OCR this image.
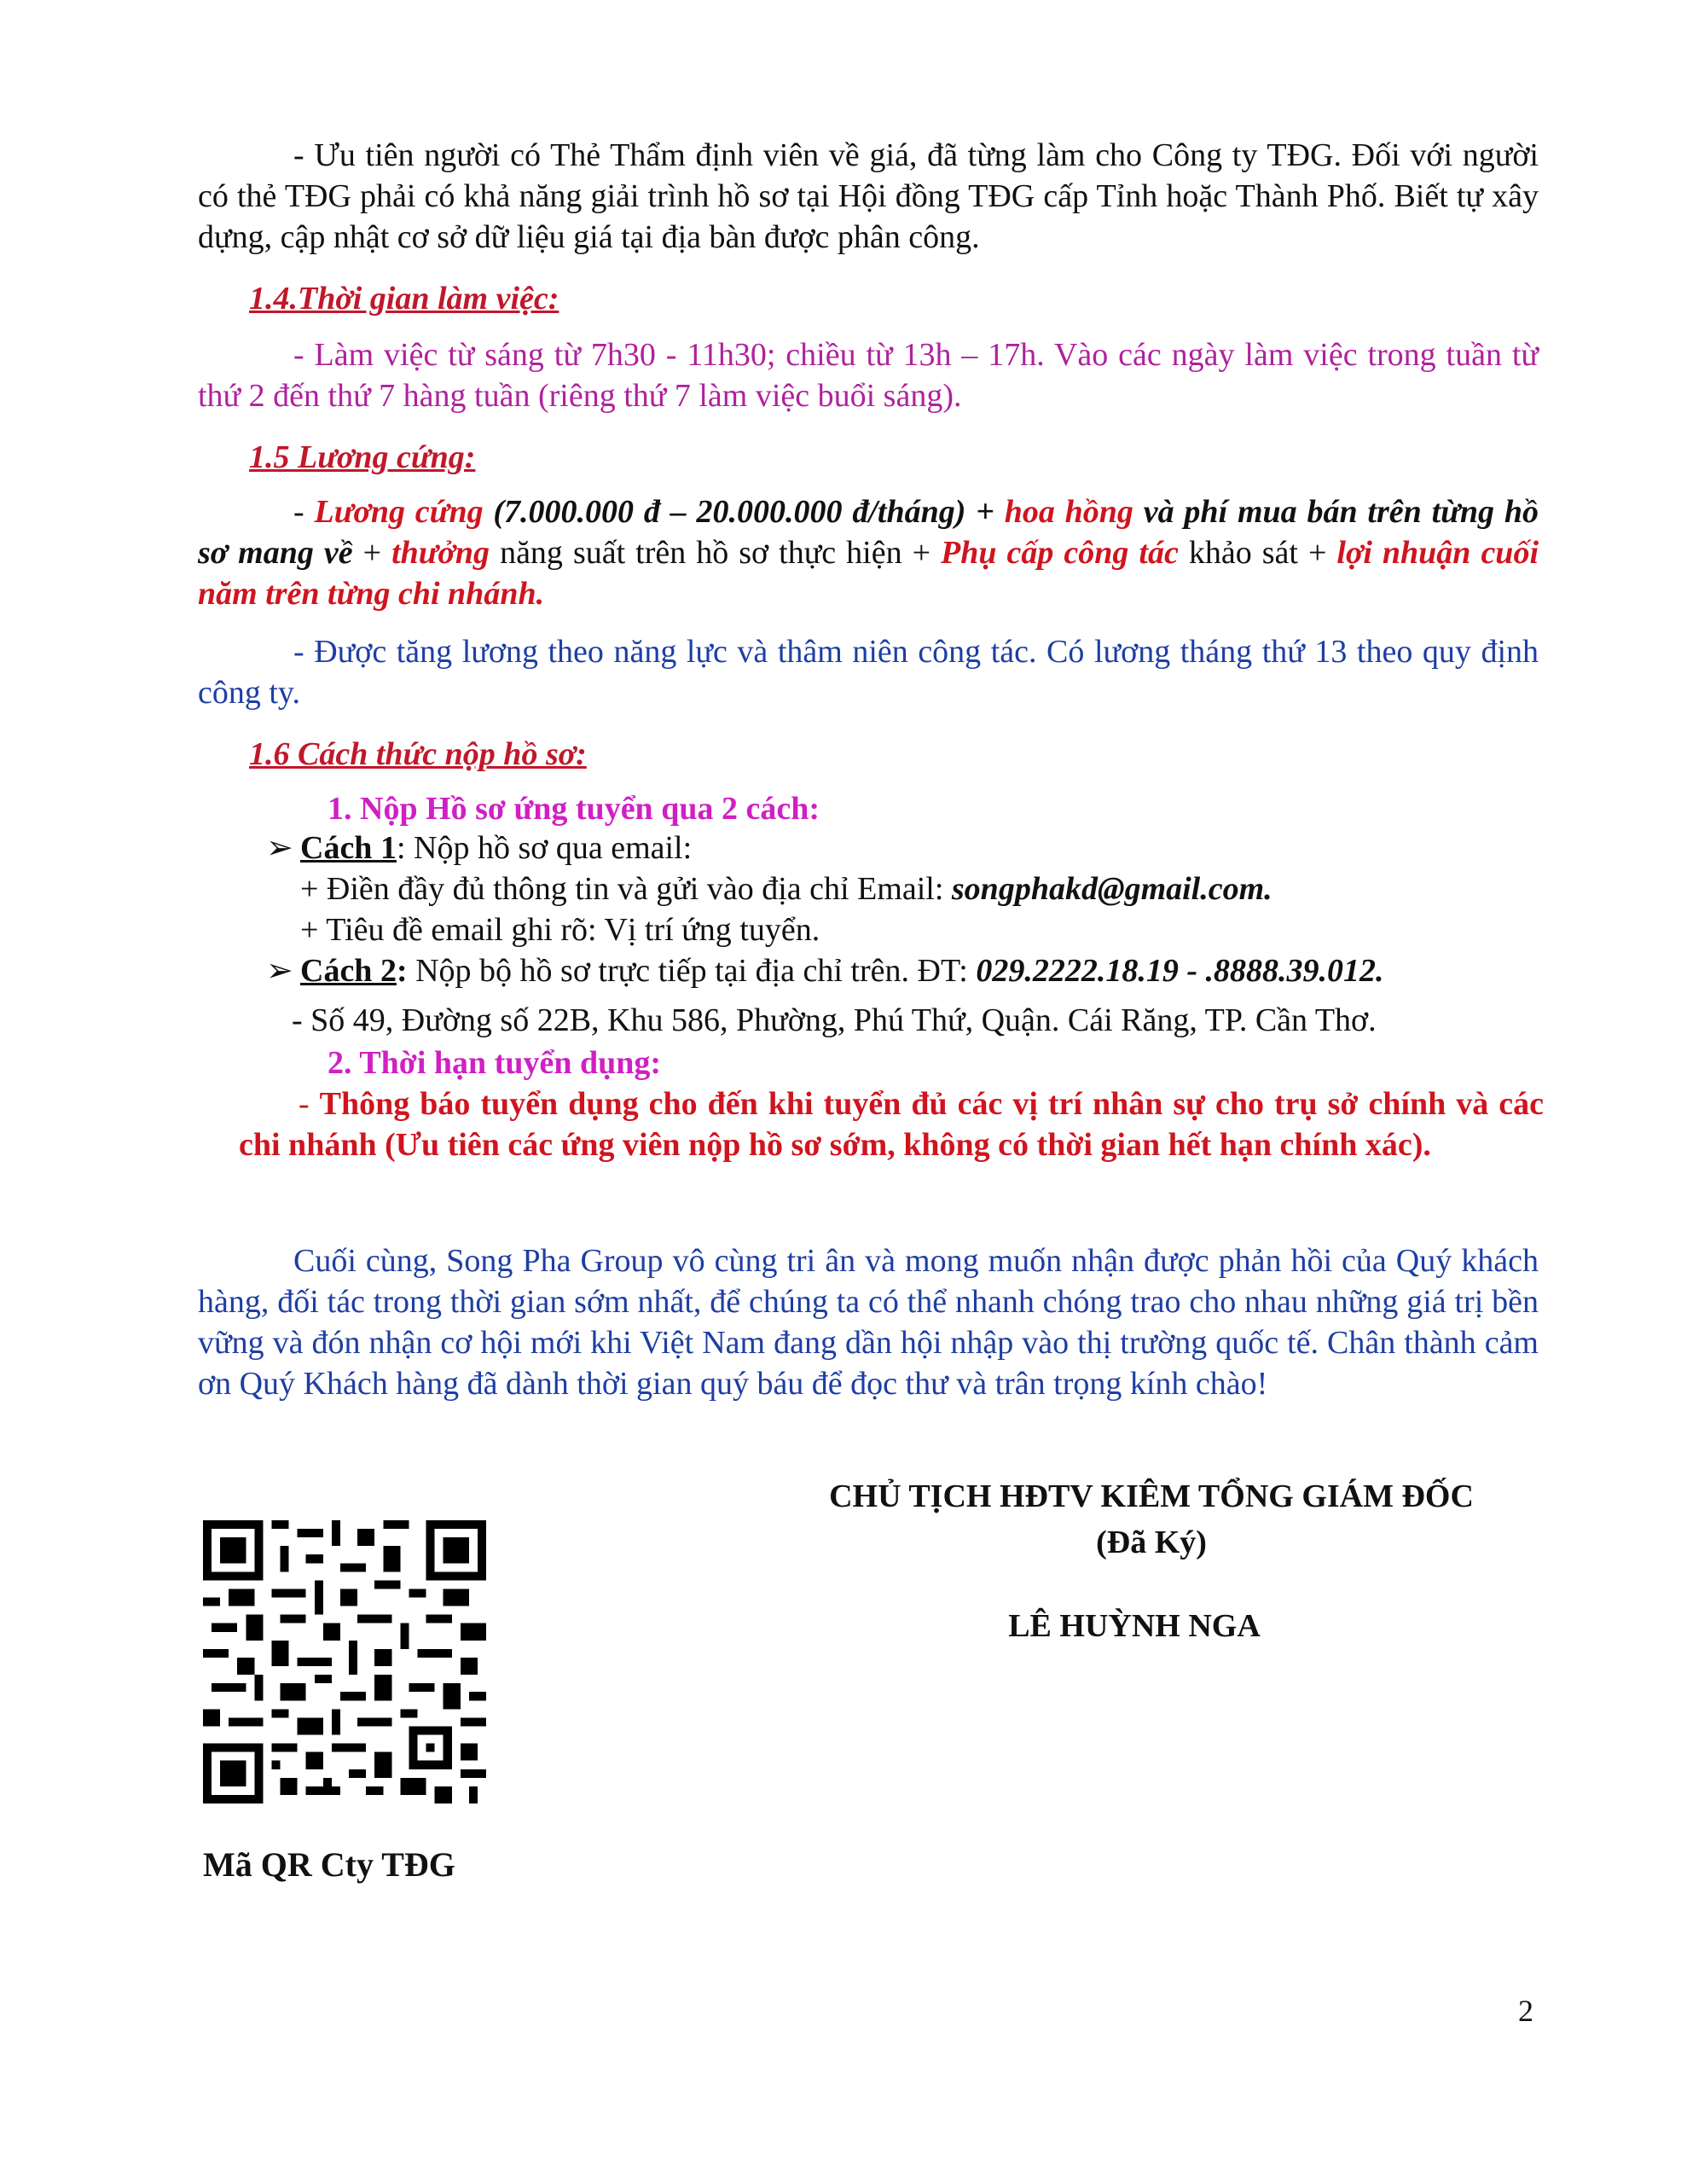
- Ưu tiên người có Thẻ Thẩm định viên về giá, đã từng làm cho Công ty TĐG. Đối với người có thẻ TĐG phải có khả năng giải trình hồ sơ tại Hội đồng TĐG cấp Tỉnh hoặc Thành Phố. Biết tự xây dựng, cập nhật cơ sở dữ liệu giá tại địa bàn được phân công.

1.4.Thời gian làm việc:

- Làm việc từ sáng từ 7h30 - 11h30; chiều từ 13h – 17h. Vào các ngày làm việc trong tuần từ thứ 2 đến thứ 7 hàng tuần (riêng thứ 7 làm việc buổi sáng).

1.5 Lương cứng:

- Lương cứng (7.000.000 đ – 20.000.000 đ/tháng) + hoa hồng và phí mua bán trên từng hồ sơ mang về + thưởng năng suất trên hồ sơ thực hiện + Phụ cấp công tác khảo sát + lợi nhuận cuối năm trên từng chi nhánh.

- Được tăng lương theo năng lực và thâm niên công tác. Có lương tháng thứ 13 theo quy định công ty.

1.6 Cách thức nộp hồ sơ:

1. Nộp Hồ sơ ứng tuyển qua 2 cách:

➢ Cách 1: Nộp hồ sơ qua email:

+ Điền đầy đủ thông tin và gửi vào địa chỉ Email: songphakd@gmail.com.

+ Tiêu đề email ghi rõ: Vị trí ứng tuyển.

➢ Cách 2: Nộp bộ hồ sơ trực tiếp tại địa chỉ trên. ĐT: 029.2222.18.19 - .8888.39.012.

- Số 49, Đường số 22B, Khu 586, Phường, Phú Thứ, Quận. Cái Răng, TP. Cần Thơ.

2. Thời hạn tuyển dụng:

- Thông báo tuyển dụng cho đến khi tuyển đủ các vị trí nhân sự cho trụ sở chính và các chi nhánh (Ưu tiên các ứng viên nộp hồ sơ sớm, không có thời gian hết hạn chính xác).

Cuối cùng, Song Pha Group vô cùng tri ân và mong muốn nhận được phản hồi của Quý khách hàng, đối tác trong thời gian sớm nhất, để chúng ta có thể nhanh chóng trao cho nhau những giá trị bền vững và đón nhận cơ hội mới khi Việt Nam đang dần hội nhập vào thị trường quốc tế. Chân thành cảm ơn Quý Khách hàng đã dành thời gian quý báu để đọc thư và trân trọng kính chào!

CHỦ TỊCH HĐTV KIÊM TỔNG GIÁM ĐỐC
(Đã Ký)
LÊ HUỲNH NGA
Mã QR Cty TĐG
2
